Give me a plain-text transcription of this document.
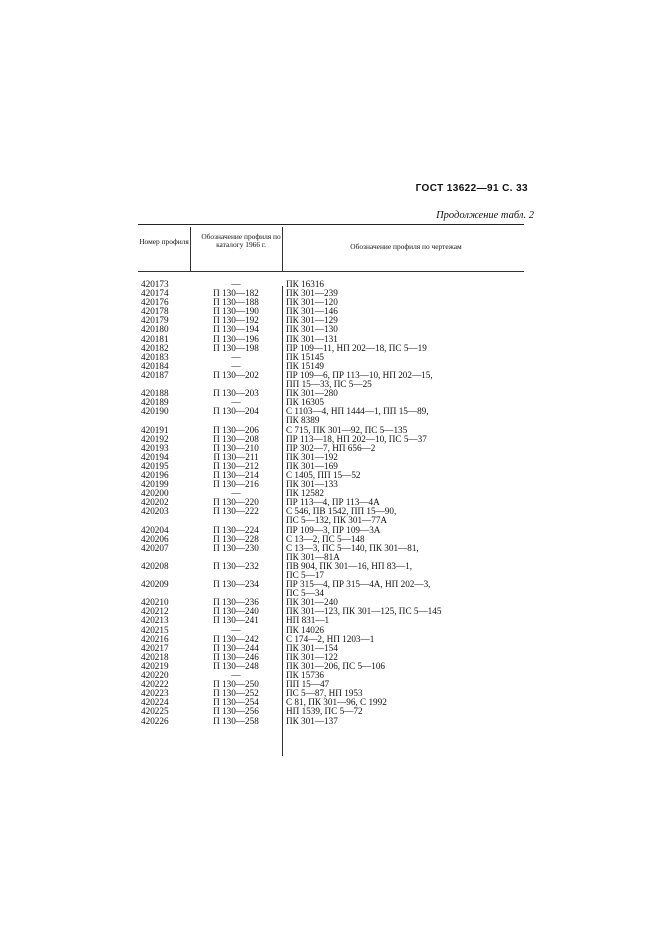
ГОСТ 13622—91 С. 33
Продолжение табл. 2
Номер профиля
Обозначение профиля по каталогу 1966 г.	Обозначение профиля по чертежам
420173	—	ПК 16316
420174	П 130—182	ПК 301—239
420176	П 130—188	ПК 301—120
420178	П 130—190	ПК 301—146
420179	П 130—192	ПК 301—129
420180	П 130—194	ПК 301—130
420181	П 130—196	ПК 301—131
420182	П 130—198	ПР 109—11, НП 202—18, ПС 5—19
420183	—	ПК 15145
420184	—	ПК 15149
420187	П 130—202	ПР 109—6, ПР 113—10, НП 202—15,
ПП 15—33, ПС 5—25
420188	П 130—203	ПК 301—280
420189	—	ПК 16305
420190	П 130—204	С 1103—4, НП 1444—1, ПП 15—89,
ПК 8389
420191	П 130—206	С 715, ПК 301—92, ПС 5—135
420192	П 130—208	ПР 113—18, НП 202—10, ПС 5—37
420193	П 130—210	ПР 302—7, НП 656—2
420194	П 130—211	ПК 301—192
420195	П 130—212	ПК 301—169
420196	П 130—214	С 1405, ПП 15—52
420199	П 130—216	ПК 301—133
420200	—	ПК 12582
420202	П 130—220	ПР 113—4, ПР 113—4А
420203	П 130—222	С 546, ПВ 1542, ПП 15—90,
ПС 5—132, ПК 301—77А
420204	П 130—224	ПР 109—3, ПР 109—3А
420206	П 130—228	С 13—2, ПС 5—148
420207	П 130—230	С 13—3, ПС 5—140, ПК 301—81,
ПК 301—81А
420208	П 130—232	ПВ 904, ПК 301—16, НП 83—1,
ПС 5—17
420209	П 130—234	ПР 315—4, ПР 315—4А, НП 202—3,
ПС 5—34
420210	П 130—236	ПК 301—240
420212	П 130—240	ПК 301—123, ПК 301—125, ПС 5—145
420213	П 130—241	НП 831—1
420215	—	ПК 14026
420216	П 130—242	С 174—2, НП 1203—1
420217	П 130—244	ПК 301—154
420218	П 130—246	ПК 301—122
420219	П 130—248	ПК 301—206, ПС 5—106
420220	—	ПК 15736
420222	П 130—250	ПП 15—47
420223	П 130—252	ПС 5—87, НП 1953
420224	П 130—254	С 81, ПК 301—96, С 1992
420225	П 130—256	НП 1539, ПС 5—72
420226	П 130—258	ПК 301—137
